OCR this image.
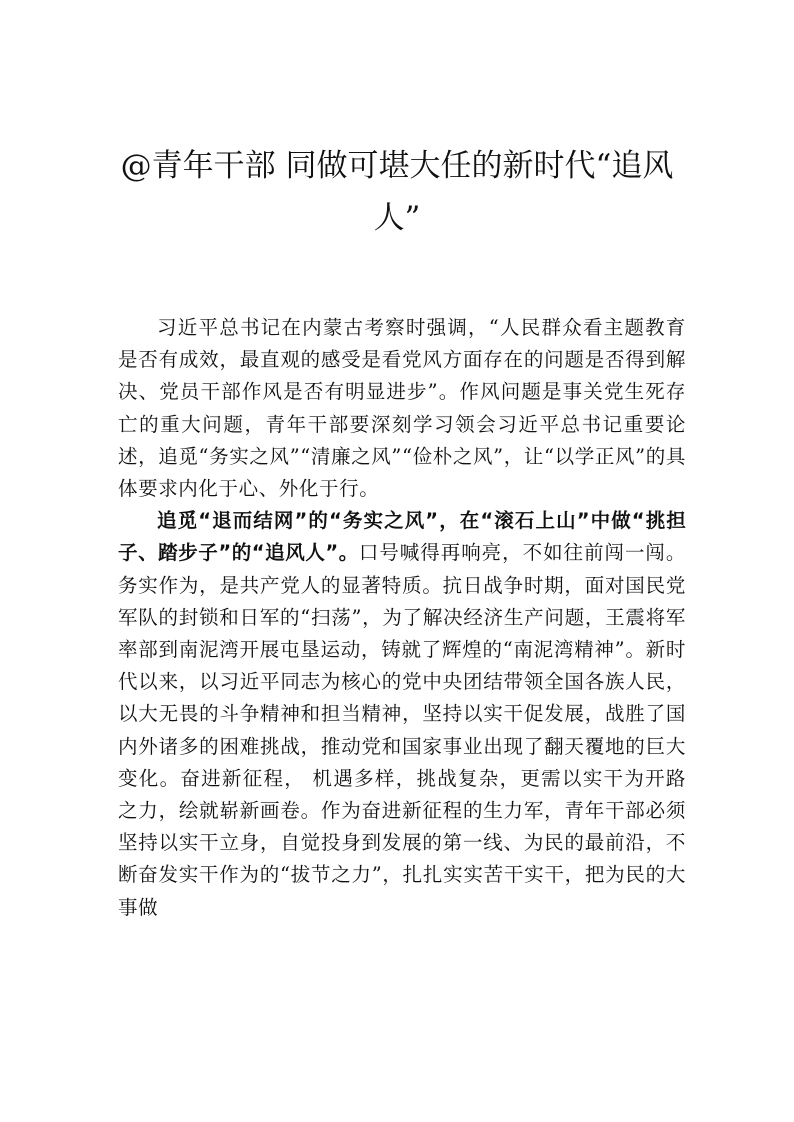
@青年干部 同做可堪大任的新时代“追风人”

习近平总书记在内蒙古考察时强调，“人民群众看主题教育是否有成效，最直观的感受是看党风方面存在的问题是否得到解决、党员干部作风是否有明显进步”。作风问题是事关党生死存亡的重大问题，青年干部要深刻学习领会习近平总书记重要论述，追觅“务实之风”“清廉之风”“俭朴之风”，让“以学正风”的具体要求内化于心、外化于行。

追觅“退而结网”的“务实之风”，在“滚石上山”中做“挑担子、踏步子”的“追风人”。口号喊得再响亮，不如往前闯一闯。务实作为，是共产党人的显著特质。抗日战争时期，面对国民党军队的封锁和日军的“扫荡”，为了解决经济生产问题，王震将军率部到南泥湾开展屯垦运动，铸就了辉煌的“南泥湾精神”。新时代以来，以习近平同志为核心的党中央团结带领全国各族人民，以大无畏的斗争精神和担当精神，坚持以实干促发展，战胜了国内外诸多的困难挑战，推动党和国家事业出现了翻天覆地的巨大变化。奋进新征程， 机遇多样，挑战复杂，更需以实干为开路之力，绘就崭新画卷。作为奋进新征程的生力军，青年干部必须坚持以实干立身，自觉投身到发展的第一线、为民的最前沿，不断奋发实干作为的“拔节之力”，扎扎实实苦干实干，把为民的大事做
